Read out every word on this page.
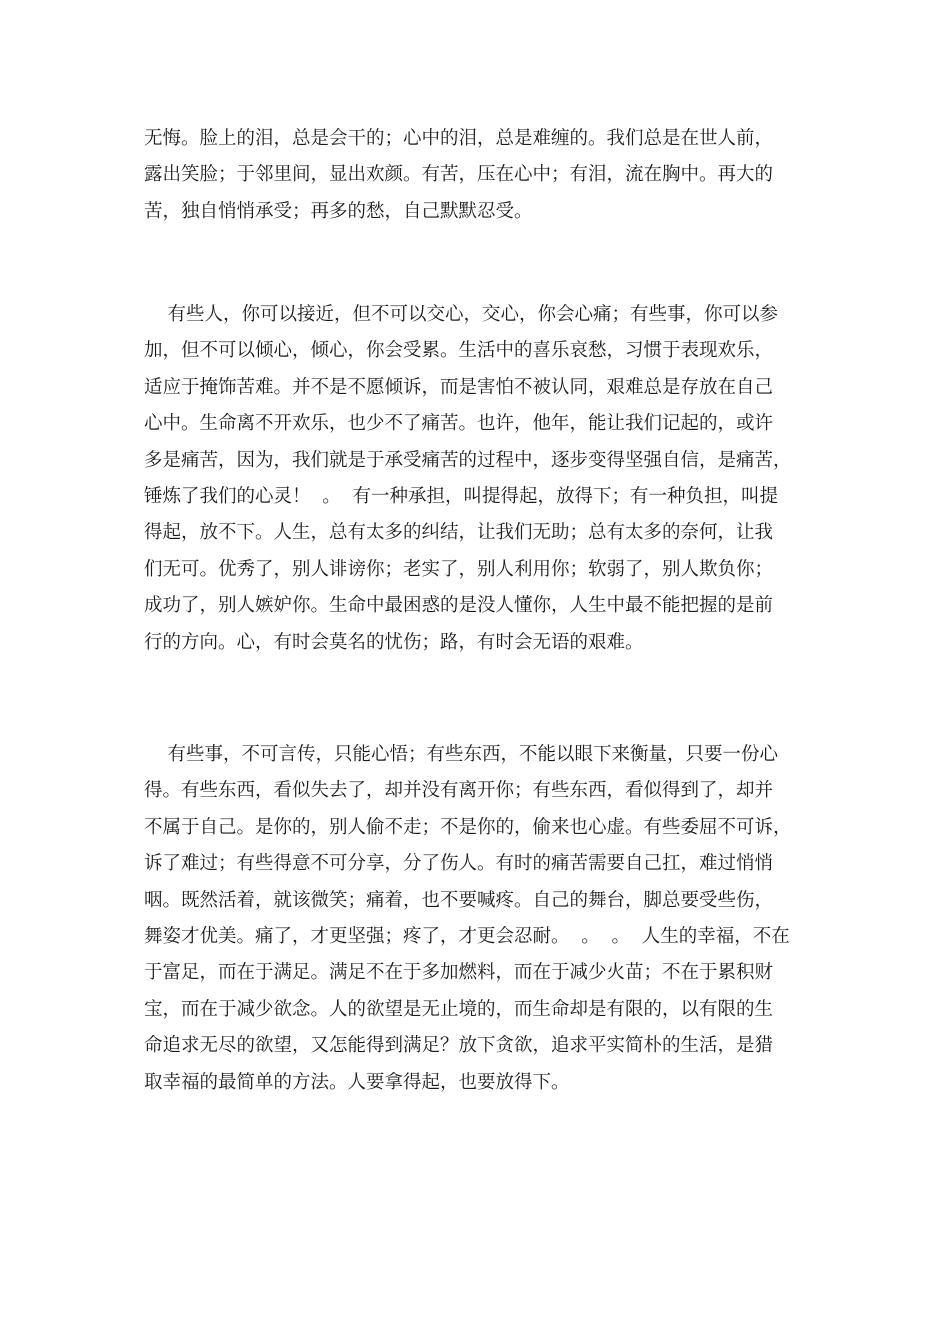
无悔。脸上的泪，总是会干的；心中的泪，总是难缠的。我们总是在世人前，
露出笑脸；于邻里间，显出欢颜。有苦，压在心中；有泪，流在胸中。再大的
苦，独自悄悄承受；再多的愁，自己默默忍受。
有些人，你可以接近，但不可以交心，交心，你会心痛；有些事，你可以参
加，但不可以倾心，倾心，你会受累。生活中的喜乐哀愁，习惯于表现欢乐，
适应于掩饰苦难。并不是不愿倾诉，而是害怕不被认同，艰难总是存放在自己
心中。生命离不开欢乐，也少不了痛苦。也许，他年，能让我们记起的，或许
多是痛苦，因为，我们就是于承受痛苦的过程中，逐步变得坚强自信，是痛苦，
锤炼了我们的心灵！  。  有一种承担，叫提得起，放得下；有一种负担，叫提
得起，放不下。人生，总有太多的纠结，让我们无助；总有太多的奈何，让我
们无可。优秀了，别人诽谤你；老实了，别人利用你；软弱了，别人欺负你；
成功了，别人嫉妒你。生命中最困惑的是没人懂你，人生中最不能把握的是前
行的方向。心，有时会莫名的忧伤；路，有时会无语的艰难。
有些事，不可言传，只能心悟；有些东西，不能以眼下来衡量，只要一份心
得。有些东西，看似失去了，却并没有离开你；有些东西，看似得到了，却并
不属于自己。是你的，别人偷不走；不是你的，偷来也心虚。有些委屈不可诉，
诉了难过；有些得意不可分享，分了伤人。有时的痛苦需要自己扛，难过悄悄
咽。既然活着，就该微笑；痛着，也不要喊疼。自己的舞台，脚总要受些伤，
舞姿才优美。痛了，才更坚强；疼了，才更会忍耐。  。  。  人生的幸福，不在
于富足，而在于满足。满足不在于多加燃料，而在于减少火苗；不在于累积财
宝，而在于减少欲念。人的欲望是无止境的，而生命却是有限的，以有限的生
命追求无尽的欲望，又怎能得到满足？放下贪欲，追求平实简朴的生活，是猎
取幸福的最简单的方法。人要拿得起，也要放得下。
